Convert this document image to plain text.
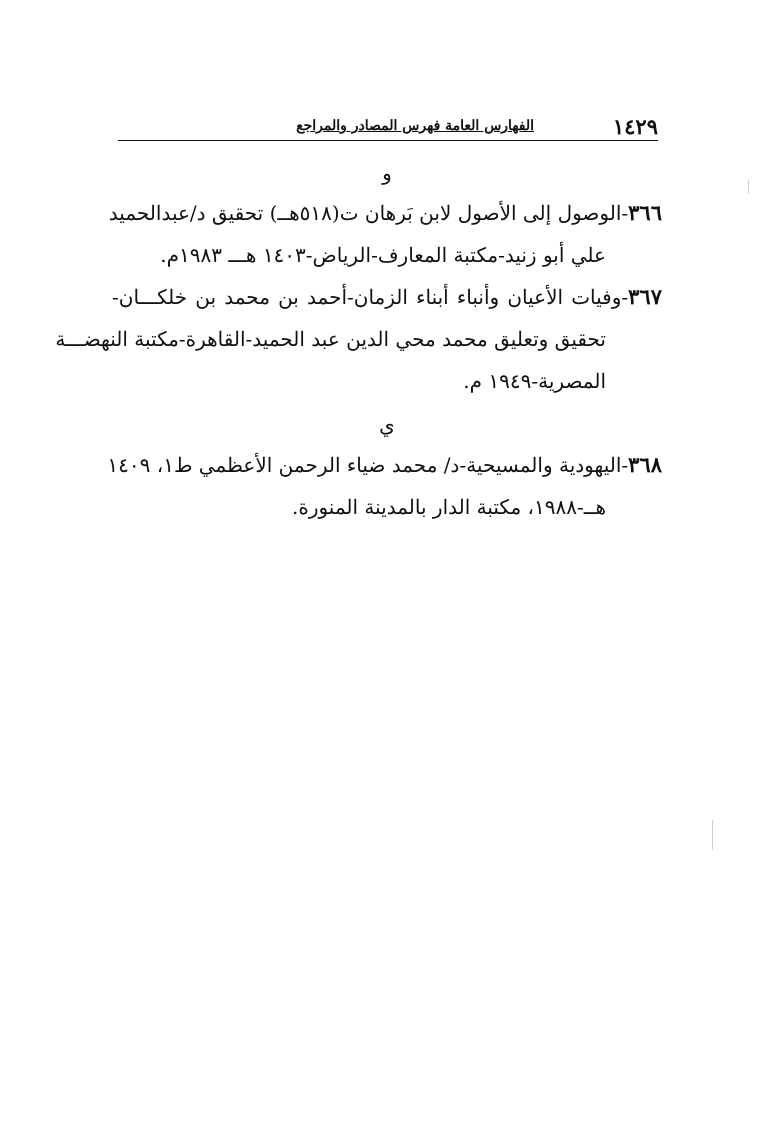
١٤٢٩
الفهارس العامة فهرس المصادر والمراجع
و
٣٦٦-الوصول إلى الأصول لابن بَرهان ت(٥١٨هــ) تحقيق د/عبدالحميد
علي أبو زنيد-مكتبة المعارف-الرياض-١٤٠٣ هـــ ١٩٨٣م.
٣٦٧-وفيات الأعيان وأنباء أبناء الزمان-أحمد بن محمد بن خلكـــان-
تحقيق وتعليق محمد محي الدين عبد الحميد-القاهرة-مكتبة النهضـــة
المصرية-١٩٤٩ م.
ي
٣٦٨-اليهودية والمسيحية-د/ محمد ضياء الرحمن الأعظمي ط١، ١٤٠٩
هــ-١٩٨٨، مكتبة الدار بالمدينة المنورة.
